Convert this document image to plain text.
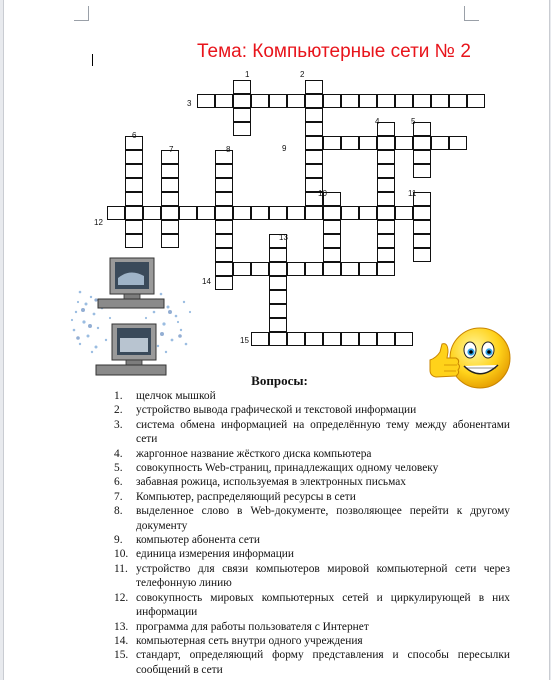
Тема: Компьютерные сети № 2
1	2
3
4	5
6
7	8	9
10	11
12
13
14
15
Вопросы:
1. щелчок мышкой
2. устройство вывода графической и текстовой информации
3. система обмена информацией на определённую тему между абонентами сети
4. жаргонное название жёсткого диска компьютера
5. совокупность Web-страниц, принадлежащих одному человеку
6. забавная рожица, используемая в электронных письмах
7. Компьютер, распределяющий ресурсы в сети
8. выделенное слово в Web-документе, позволяющее перейти к другому документу
9. компьютер абонента сети
10. единица измерения информации
11. устройство для связи компьютеров мировой компьютерной сети через телефонную линию
12. совокупность мировых компьютерных сетей и циркулирующей в них информации
13. программа для работы пользователя с Интернет
14. компьютерная сеть внутри одного учреждения
15. стандарт, определяющий форму представления и способы пересылки сообщений в сети
